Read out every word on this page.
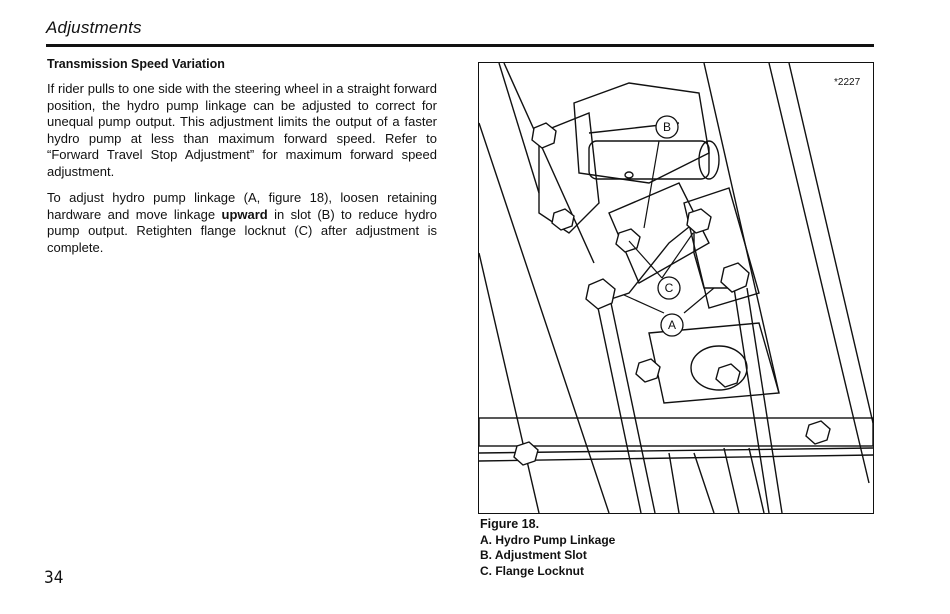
Adjustments
Transmission Speed Variation

If rider pulls to one side with the steering wheel in a straight forward position, the hydro pump linkage can be adjusted to correct for unequal pump output. This adjustment limits the output of a faster hydro pump at less than maximum forward speed. Refer to “Forward Travel Stop Adjustment” for maximum forward speed adjustment.

To adjust hydro pump linkage (A, figure 18), loosen retaining hardware and move linkage upward in slot (B) to reduce hydro pump output. Retighten flange locknut (C) after adjustment is complete.

34
*2227
B
C
A
Figure 18.
A. Hydro Pump Linkage
B. Adjustment Slot
C. Flange Locknut
